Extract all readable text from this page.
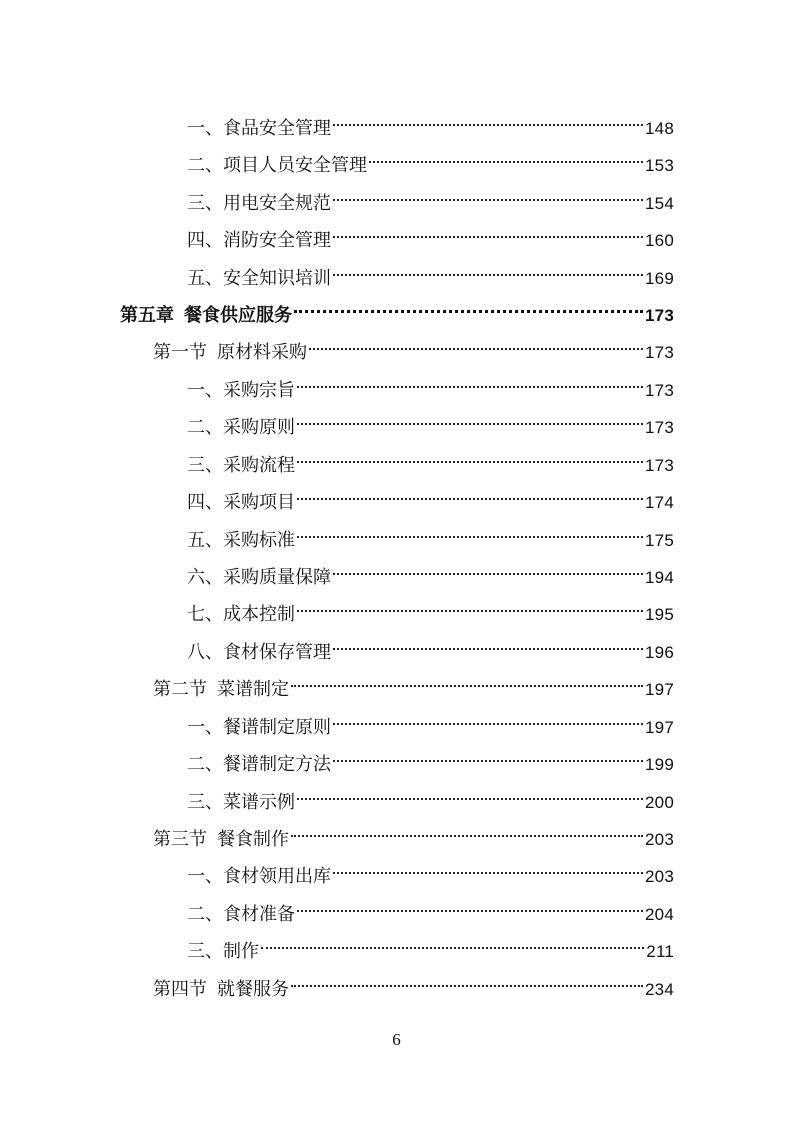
一、食品安全管理	148
二、项目人员安全管理	153
三、用电安全规范	154
四、消防安全管理	160
五、安全知识培训	169
第五章  餐食供应服务	173
第一节  原材料采购	173
一、采购宗旨	173
二、采购原则	173
三、采购流程	173
四、采购项目	174
五、采购标准	175
六、采购质量保障	194
七、成本控制	195
八、食材保存管理	196
第二节  菜谱制定	197
一、餐谱制定原则	197
二、餐谱制定方法	199
三、菜谱示例	200
第三节  餐食制作	203
一、食材领用出库	203
二、食材准备	204
三、制作	211
第四节  就餐服务	234
6
